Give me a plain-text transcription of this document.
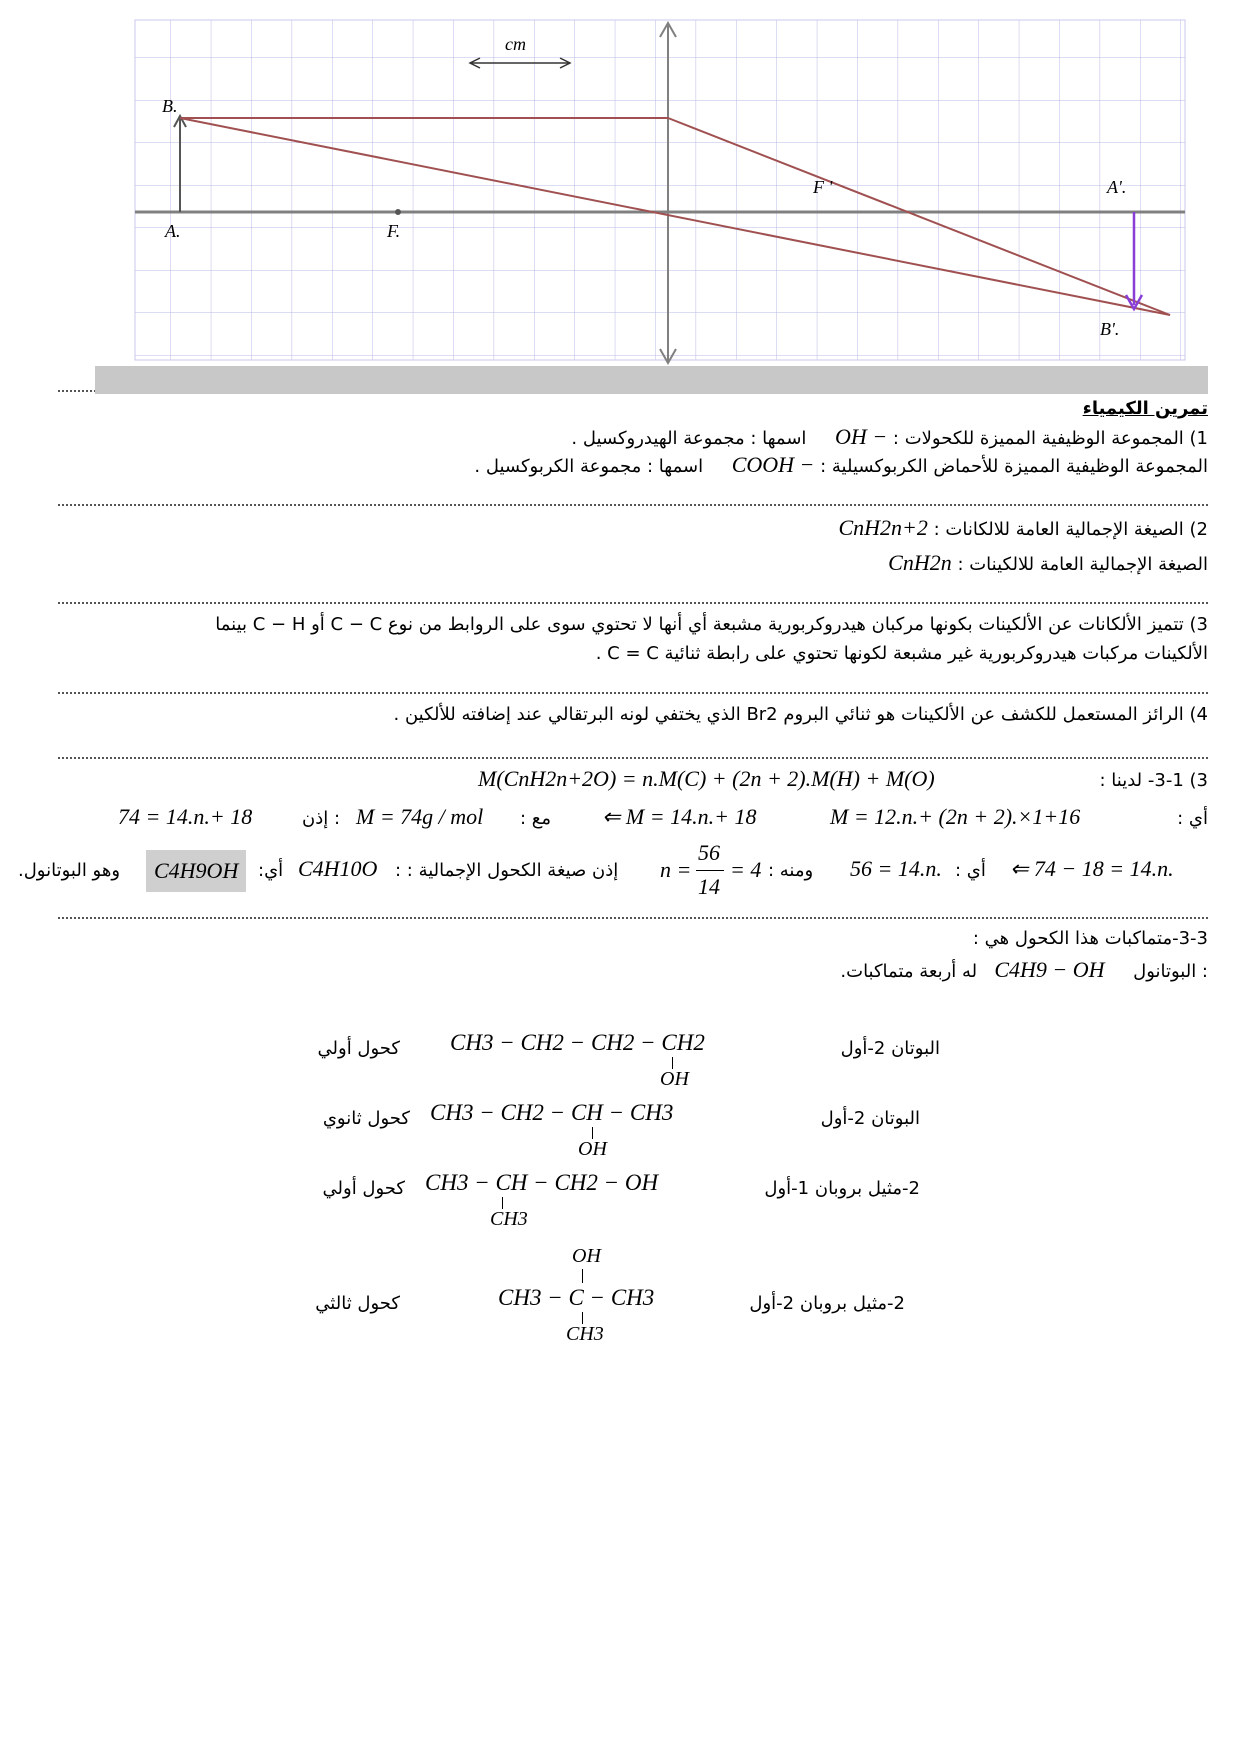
cm
B.
A.	F.
F '	A'.
B'.
تمرين الكيمياء
1) المجموعة الوظيفية المميزة للكحولات : − OH     اسمها : مجموعة الهيدروكسيل .
المجموعة الوظيفية المميزة للأحماض الكربوكسيلية : − COOH     اسمها : مجموعة الكربوكسيل .
2) الصيغة الإجمالية العامة للالكانات : CnH2n+2
الصيغة الإجمالية العامة للالكينات : CnH2n
3) تتميز الألكانات عن الألكينات بكونها مركبان هيدروكربورية مشبعة أي أنها لا تحتوي سوى على الروابط من نوع C − C أو C − H بينما
الألكينات مركبات هيدروكربورية غير مشبعة لكونها تحتوي على رابطة ثنائية C = C .
4) الرائز المستعمل للكشف عن الألكينات هو ثنائي البروم Br2 الذي يختفي لونه البرتقالي عند إضافته للألكين .
3) 3-1- لدينا :
M(CnH2n+2O) = n.M(C) + (2n + 2).M(H) + M(O)
أي :
M = 12.n.+ (2n + 2).×1+16
⇐ M = 14.n.+ 18
مع :
M = 74g / mol
: إذن
74 = 14.n.+ 18
⇐ 74 − 18 = 14.n.
أي :
56 = 14.n.
ومنه :
n =
56
14
= 4
إذن صيغة الكحول الإجمالية : :
C4H10O
أي:
C4H9OH
وهو البوتانول.
3-3-متماكبات هذا الكحول هي :
: البوتانول     C4H9 − OH   له أربعة متماكبات.
البوتان 2-أول
CH3 − CH2 − CH2 − CH2
OH
كحول أولي
البوتان 2-أول
CH3 − CH2 − CH − CH3
OH
كحول ثانوي
2-مثيل بروبان 1-أول
CH3 − CH − CH2 − OH
CH3
كحول أولي
OH
2-مثيل بروبان 2-أول
CH3 − C − CH3
CH3
كحول ثالثي
